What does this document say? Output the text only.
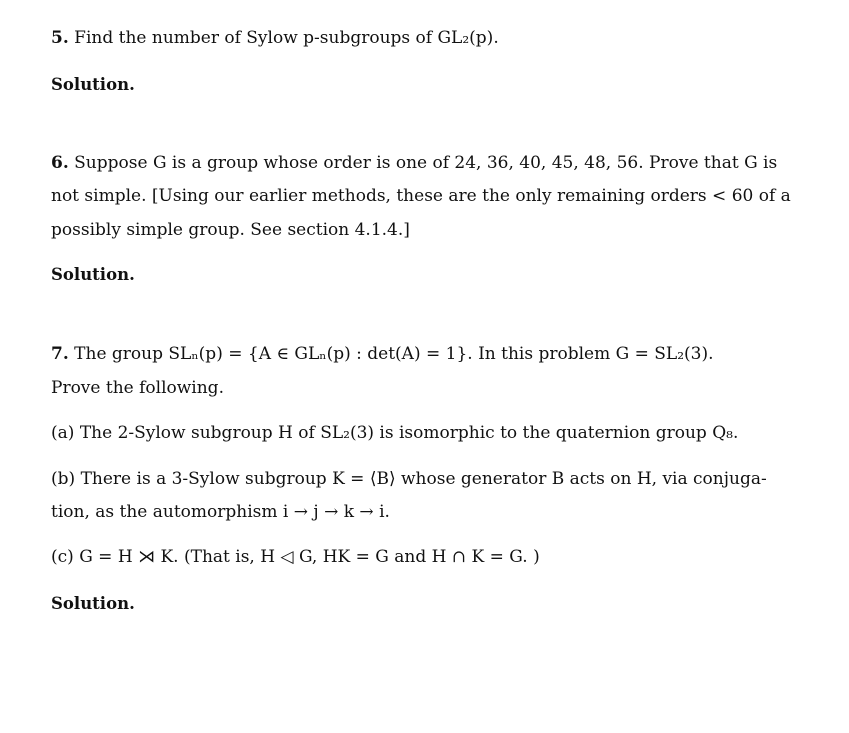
5. Find the number of Sylow p-subgroups of GL₂(p).
Solution.
6. Suppose G is a group whose order is one of 24, 36, 40, 45, 48, 56. Prove that G is
not simple. [Using our earlier methods, these are the only remaining orders < 60 of a
possibly simple group. See section 4.1.4.]
Solution.
7. The group SLₙ(p) = {A ∈ GLₙ(p) : det(A) = 1}. In this problem G = SL₂(3).
Prove the following.
(a) The 2-Sylow subgroup H of SL₂(3) is isomorphic to the quaternion group Q₈.
(b) There is a 3-Sylow subgroup K = ⟨B⟩ whose generator B acts on H, via conjuga-
tion, as the automorphism i → j → k → i.
(c) G = H ⋊ K. (That is, H ◁ G, HK = G and H ∩ K = G. )
Solution.
